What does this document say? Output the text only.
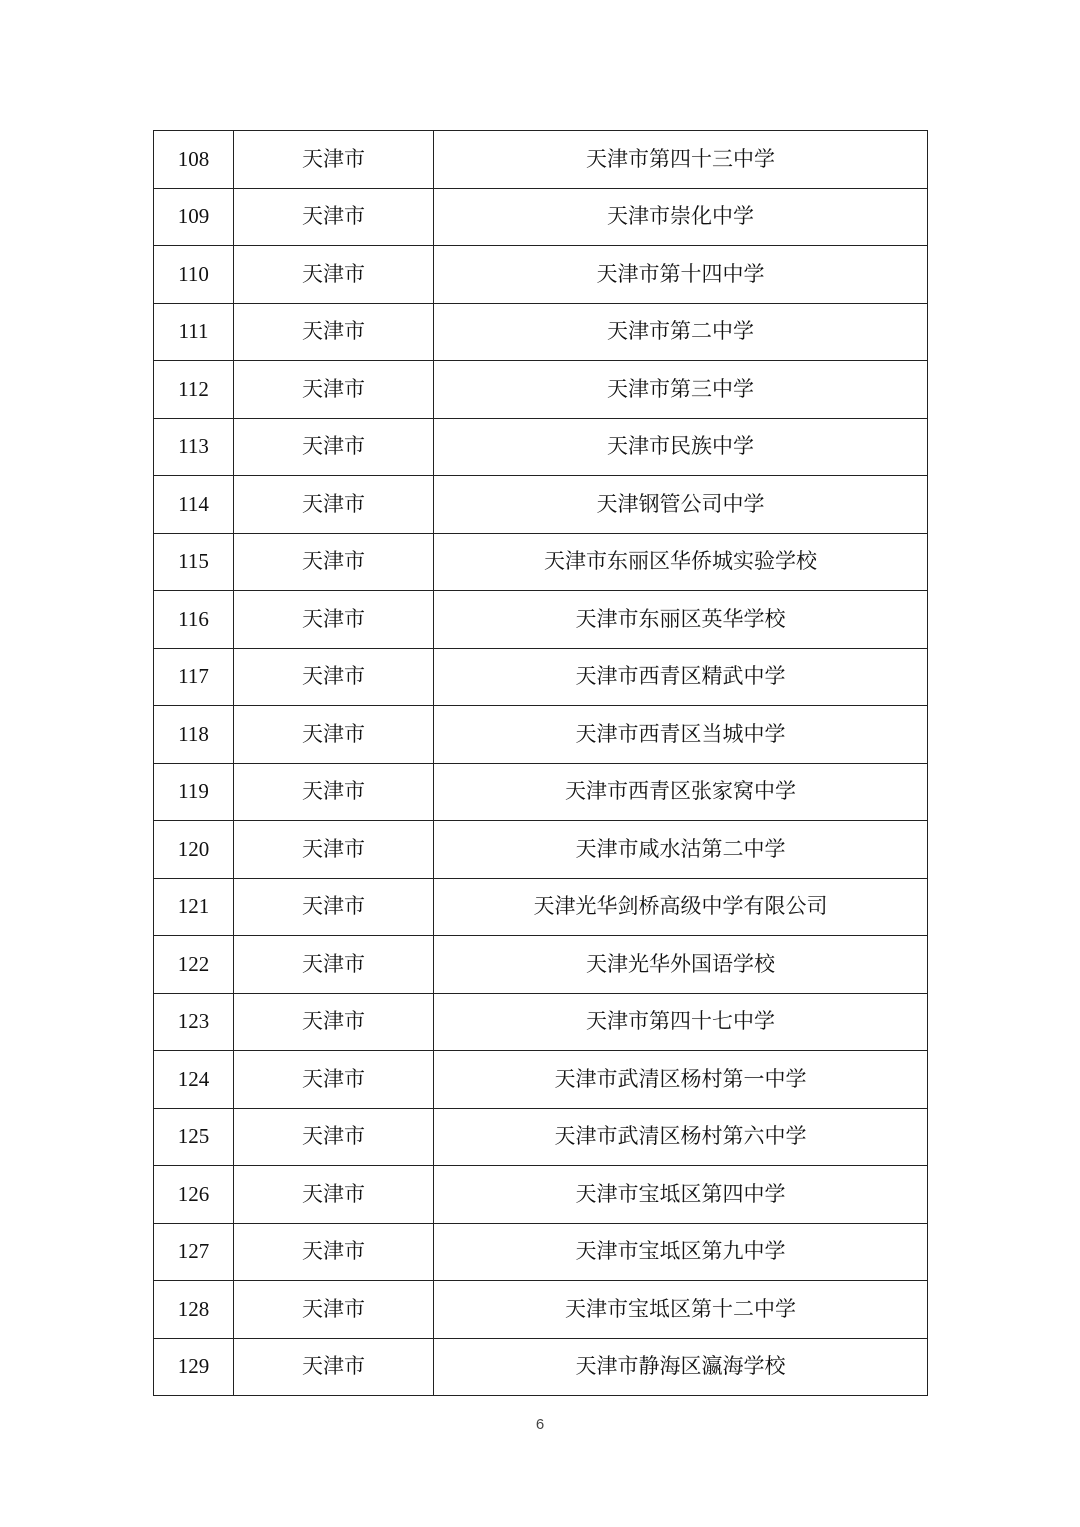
108	天津市	天津市第四十三中学
109	天津市	天津市崇化中学
110	天津市	天津市第十四中学
111	天津市	天津市第二中学
112	天津市	天津市第三中学
113	天津市	天津市民族中学
114	天津市	天津钢管公司中学
115	天津市	天津市东丽区华侨城实验学校
116	天津市	天津市东丽区英华学校
117	天津市	天津市西青区精武中学
118	天津市	天津市西青区当城中学
119	天津市	天津市西青区张家窝中学
120	天津市	天津市咸水沽第二中学
121	天津市	天津光华剑桥高级中学有限公司
122	天津市	天津光华外国语学校
123	天津市	天津市第四十七中学
124	天津市	天津市武清区杨村第一中学
125	天津市	天津市武清区杨村第六中学
126	天津市	天津市宝坻区第四中学
127	天津市	天津市宝坻区第九中学
128	天津市	天津市宝坻区第十二中学
129	天津市	天津市静海区瀛海学校
6
